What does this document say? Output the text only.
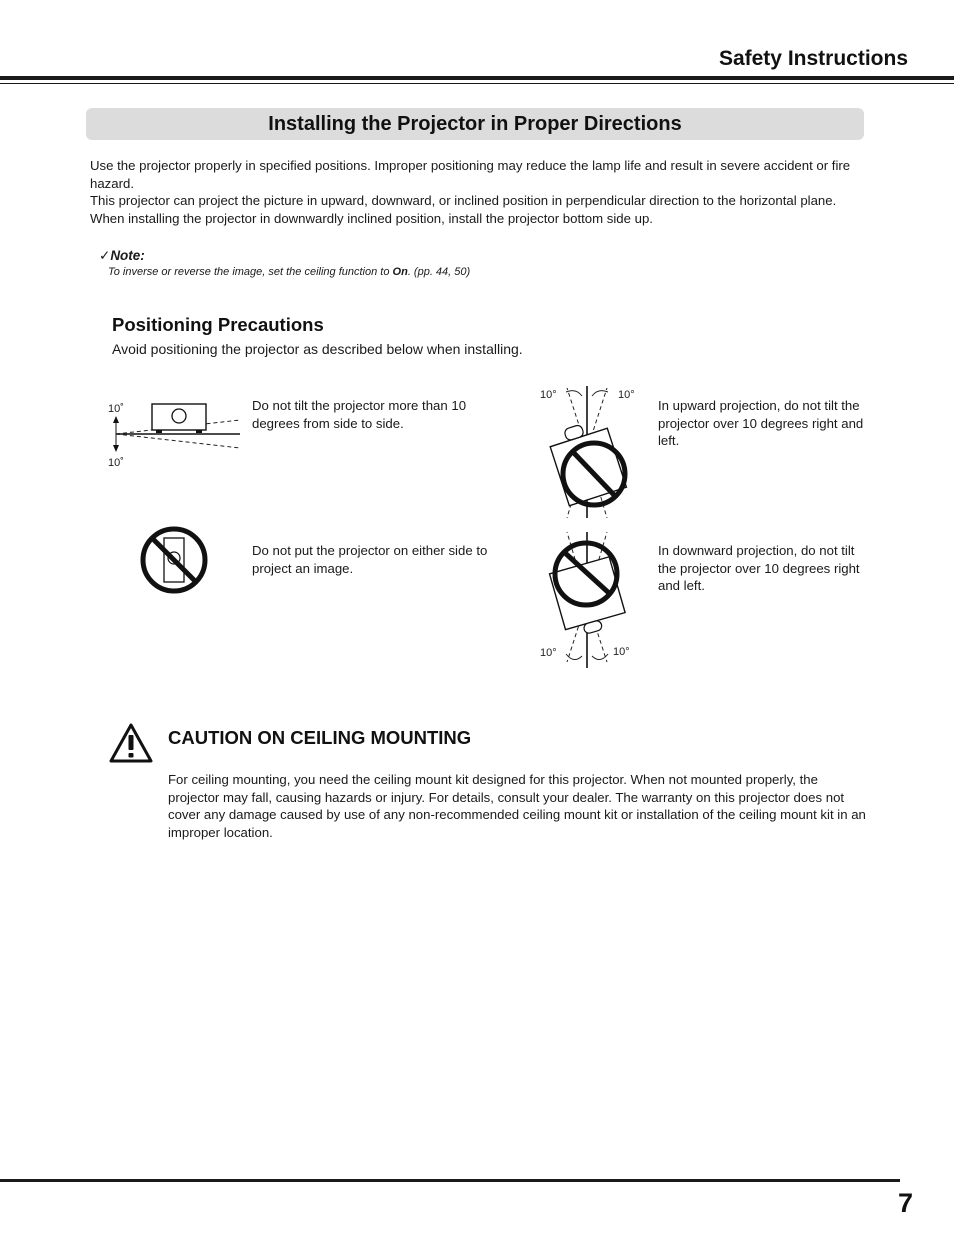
Safety Instructions
Installing the Projector in Proper Directions

Use the projector properly in specified positions. Improper positioning may reduce the lamp life and result in severe accident or fire hazard.

This projector can project the picture in upward, downward, or inclined position in perpendicular direction to the horizontal plane. When installing the projector in downwardly inclined position, install the projector bottom side up.

✓Note:
To inverse or reverse the image, set the ceiling function to On. (pp. 44, 50)
Positioning Precautions
Avoid positioning the projector as described below when installing.
10˚
10˚
Do not tilt the projector more than 10 degrees from side to side.
10°	10°
In upward projection, do not tilt the projector over 10 degrees right and left.
Do not put the projector on either side to project an image.
10°	10°
In downward projection, do not tilt the projector over 10 degrees right and left.
CAUTION ON CEILING MOUNTING
For ceiling mounting, you need the ceiling mount kit designed for this projector. When not mounted properly, the projector may fall, causing hazards or injury. For details, consult your dealer. The warranty on this projector does not cover any damage caused by use of any non-recommended ceiling mount kit or installation of the ceiling mount kit in an improper location.
7
